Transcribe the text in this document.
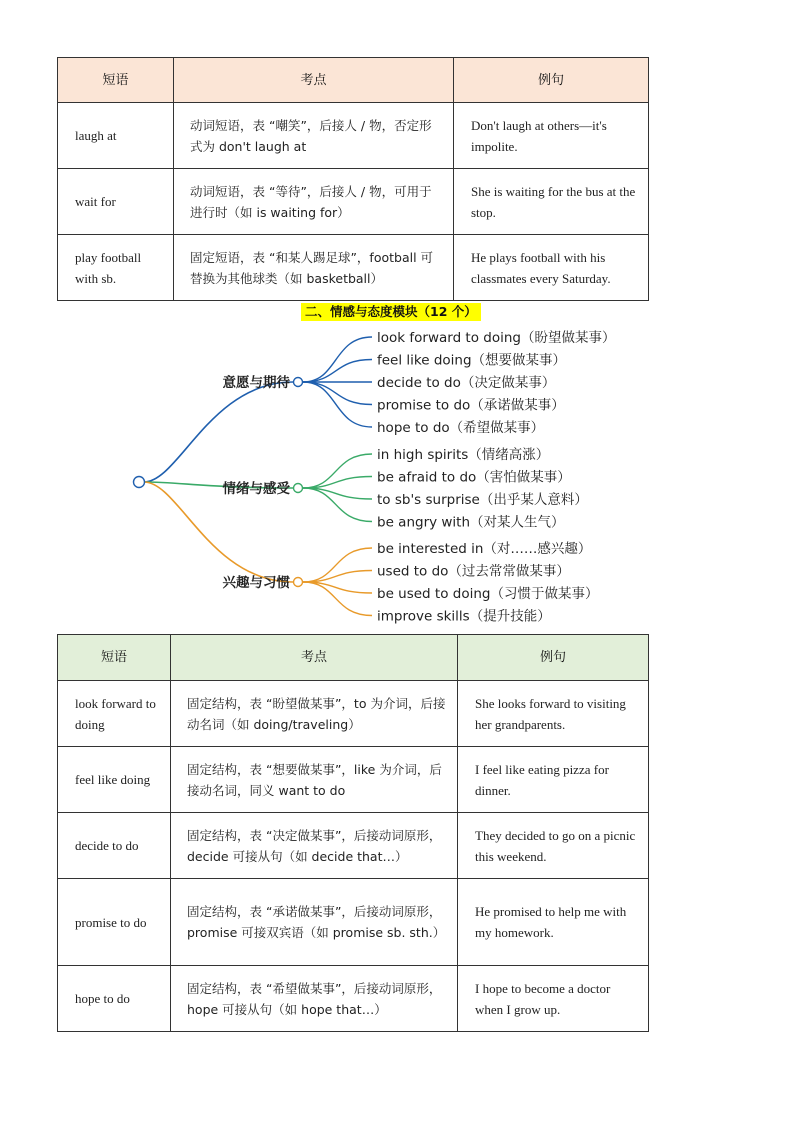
短语	考点	例句
laugh at	动词短语，表 “嘲笑”，后接人 / 物，否定形式为 don't laugh at	Don't laugh at others—it's impolite.
wait for	动词短语，表 “等待”，后接人 / 物，可用于进行时（如 is waiting for）	She is waiting for the bus at the stop.
play football with sb.	固定短语，表 “和某人踢足球”，football 可替换为其他球类（如 basketball）	He plays football with his classmates every Saturday.
二、情感与态度模块（12 个）
look forward to doing（盼望做某事）
feel like doing（想要做某事）
decide to do（决定做某事）
promise to do（承诺做某事）
hope to do（希望做某事）
意愿与期待
in high spirits（情绪高涨）
be afraid to do（害怕做某事）
to sb's surprise（出乎某人意料）
be angry with（对某人生气）
情绪与感受
be interested in（对……感兴趣）
used to do（过去常常做某事）
be used to doing（习惯于做某事）
improve skills（提升技能）
兴趣与习惯
短语	考点	例句
look forward to doing	固定结构，表 “盼望做某事”，to 为介词，后接动名词（如 doing/traveling）	She looks forward to visiting her grandparents.
feel like doing	固定结构，表 “想要做某事”，like 为介词，后接动名词，同义 want to do	I feel like eating pizza for dinner.
decide to do	固定结构，表 “决定做某事”，后接动词原形，decide 可接从句（如 decide that…）	They decided to go on a picnic this weekend.
promise to do	固定结构，表 “承诺做某事”，后接动词原形，promise 可接双宾语（如 promise sb. sth.）	He promised to help me with my homework.
hope to do	固定结构，表 “希望做某事”，后接动词原形，hope 可接从句（如 hope that…）	I hope to become a doctor when I grow up.
